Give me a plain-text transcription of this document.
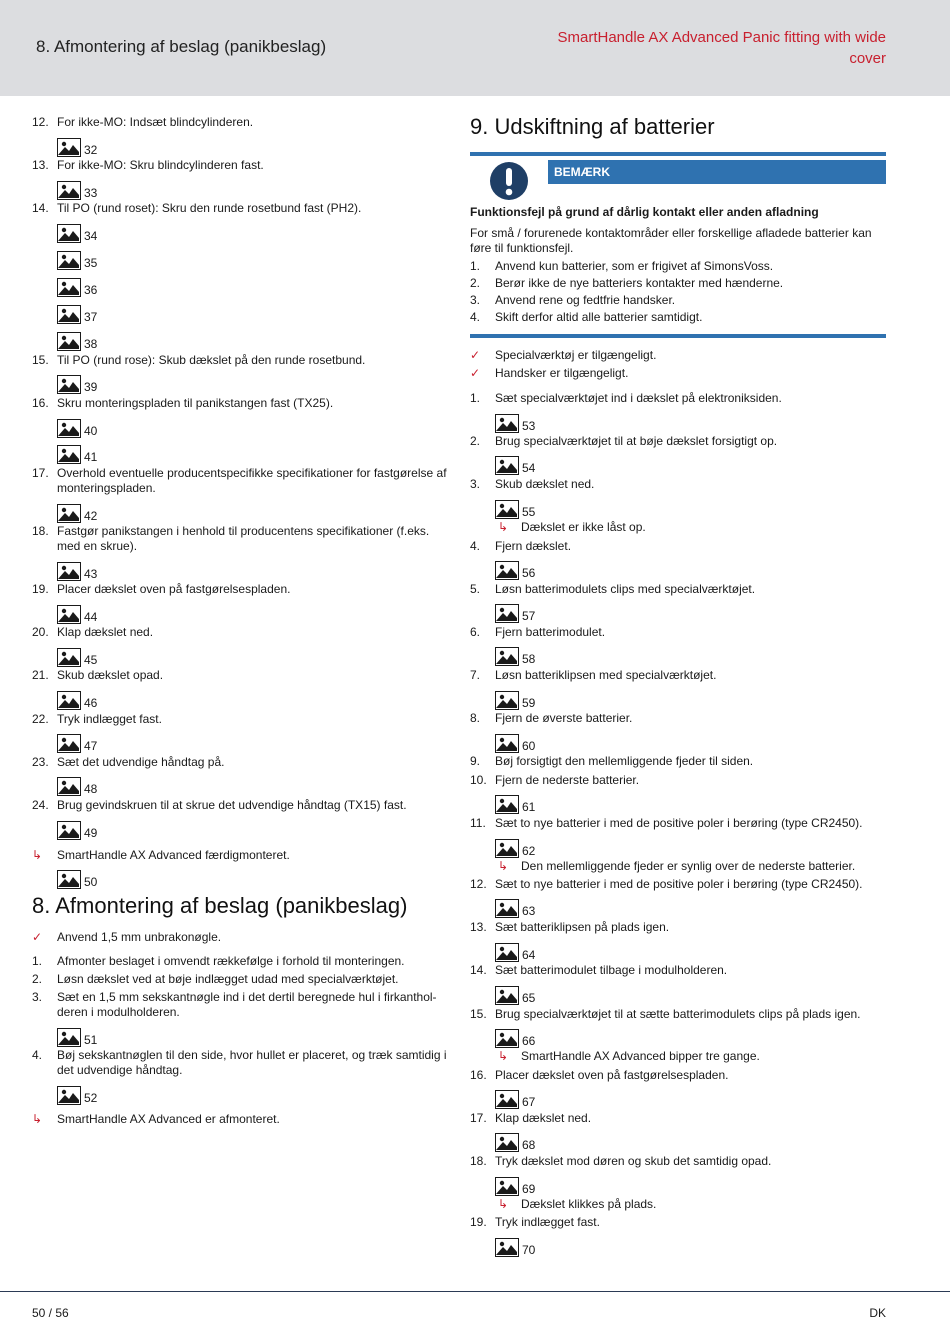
8. Afmontering af beslag (panikbeslag)	SmartHandle AX Advanced Panic fitting with wide
cover
12. For ikke-MO: Indsæt blindcylinderen.
32
13. For ikke-MO: Skru blindcylinderen fast.
33
14. Til PO (rund roset): Skru den runde rosetbund fast (PH2).
34
35
36
37
38
15. Til PO (rund rose): Skub dækslet på den runde rosetbund.
39
16. Skru monteringspladen til panikstangen fast (TX25).
40
41
17. Overhold eventuelle producentspecifikke specifikationer for fastgørelse af monteringspladen.
42
18. Fastgør panikstangen i henhold til producentens specifikationer (f.eks. med en skrue).
43
19. Placer dækslet oven på fastgørelsespladen.
44
20. Klap dækslet ned.
45
21. Skub dækslet opad.
46
22. Tryk indlægget fast.
47
23. Sæt det udvendige håndtag på.
48
24. Brug gevindskruen til at skrue det udvendige håndtag (TX15) fast.
49
↳	SmartHandle AX Advanced færdigmonteret.
50
8. Afmontering af beslag (panikbeslag)
✓	Anvend 1,5 mm unbrakonøgle.
1.	Afmonter beslaget i omvendt rækkefølge i forhold til monteringen.
2.	Løsn dækslet ved at bøje indlægget udad med specialværktøjet.
3.	Sæt en 1,5 mm sekskantnøgle ind i det dertil beregnede hul i firkanthol-deren i modulholderen.
51
4.	Bøj sekskantnøglen til den side, hvor hullet er placeret, og træk samtidig i det udvendige håndtag.
52
↳	SmartHandle AX Advanced er afmonteret.
✓	Specialværktøj er tilgængeligt.
✓	Handsker er tilgængeligt.
1.	Sæt specialværktøjet ind i dækslet på elektroniksiden.
53
2.	Brug specialværktøjet til at bøje dækslet forsigtigt op.
54
3.	Skub dækslet ned.
55
↳	Dækslet er ikke låst op.
4.	Fjern dækslet.
56
5.	Løsn batterimodulets clips med specialværktøjet.
57
6.	Fjern batterimodulet.
58
7.	Løsn batteriklipsen med specialværktøjet.
59
8.	Fjern de øverste batterier.
60
9.	Bøj forsigtigt den mellemliggende fjeder til siden.
10. Fjern de nederste batterier.
61
11. Sæt to nye batterier i med de positive poler i berøring (type CR2450).
62
↳	Den mellemliggende fjeder er synlig over de nederste batterier.
12. Sæt to nye batterier i med de positive poler i berøring (type CR2450).
63
13. Sæt batteriklipsen på plads igen.
64
14. Sæt batterimodulet tilbage i modulholderen.
65
15. Brug specialværktøjet til at sætte batterimodulets clips på plads igen.
66
↳	SmartHandle AX Advanced bipper tre gange.
16. Placer dækslet oven på fastgørelsespladen.
67
17. Klap dækslet ned.
68
18. Tryk dækslet mod døren og skub det samtidig opad.
69
↳	Dækslet klikkes på plads.
19. Tryk indlægget fast.
70
9. Udskiftning af batterier
BEMÆRK
Funktionsfejl på grund af dårlig kontakt eller anden afladning
For små / forurenede kontaktområder eller forskellige afladede batterier kan føre til funktionsfejl.
1.	Anvend kun batterier, som er frigivet af SimonsVoss.
2.	Berør ikke de nye batteriers kontakter med hænderne.
3.	Anvend rene og fedtfrie handsker.
4.	Skift derfor altid alle batterier samtidigt.
50 / 56	DK
